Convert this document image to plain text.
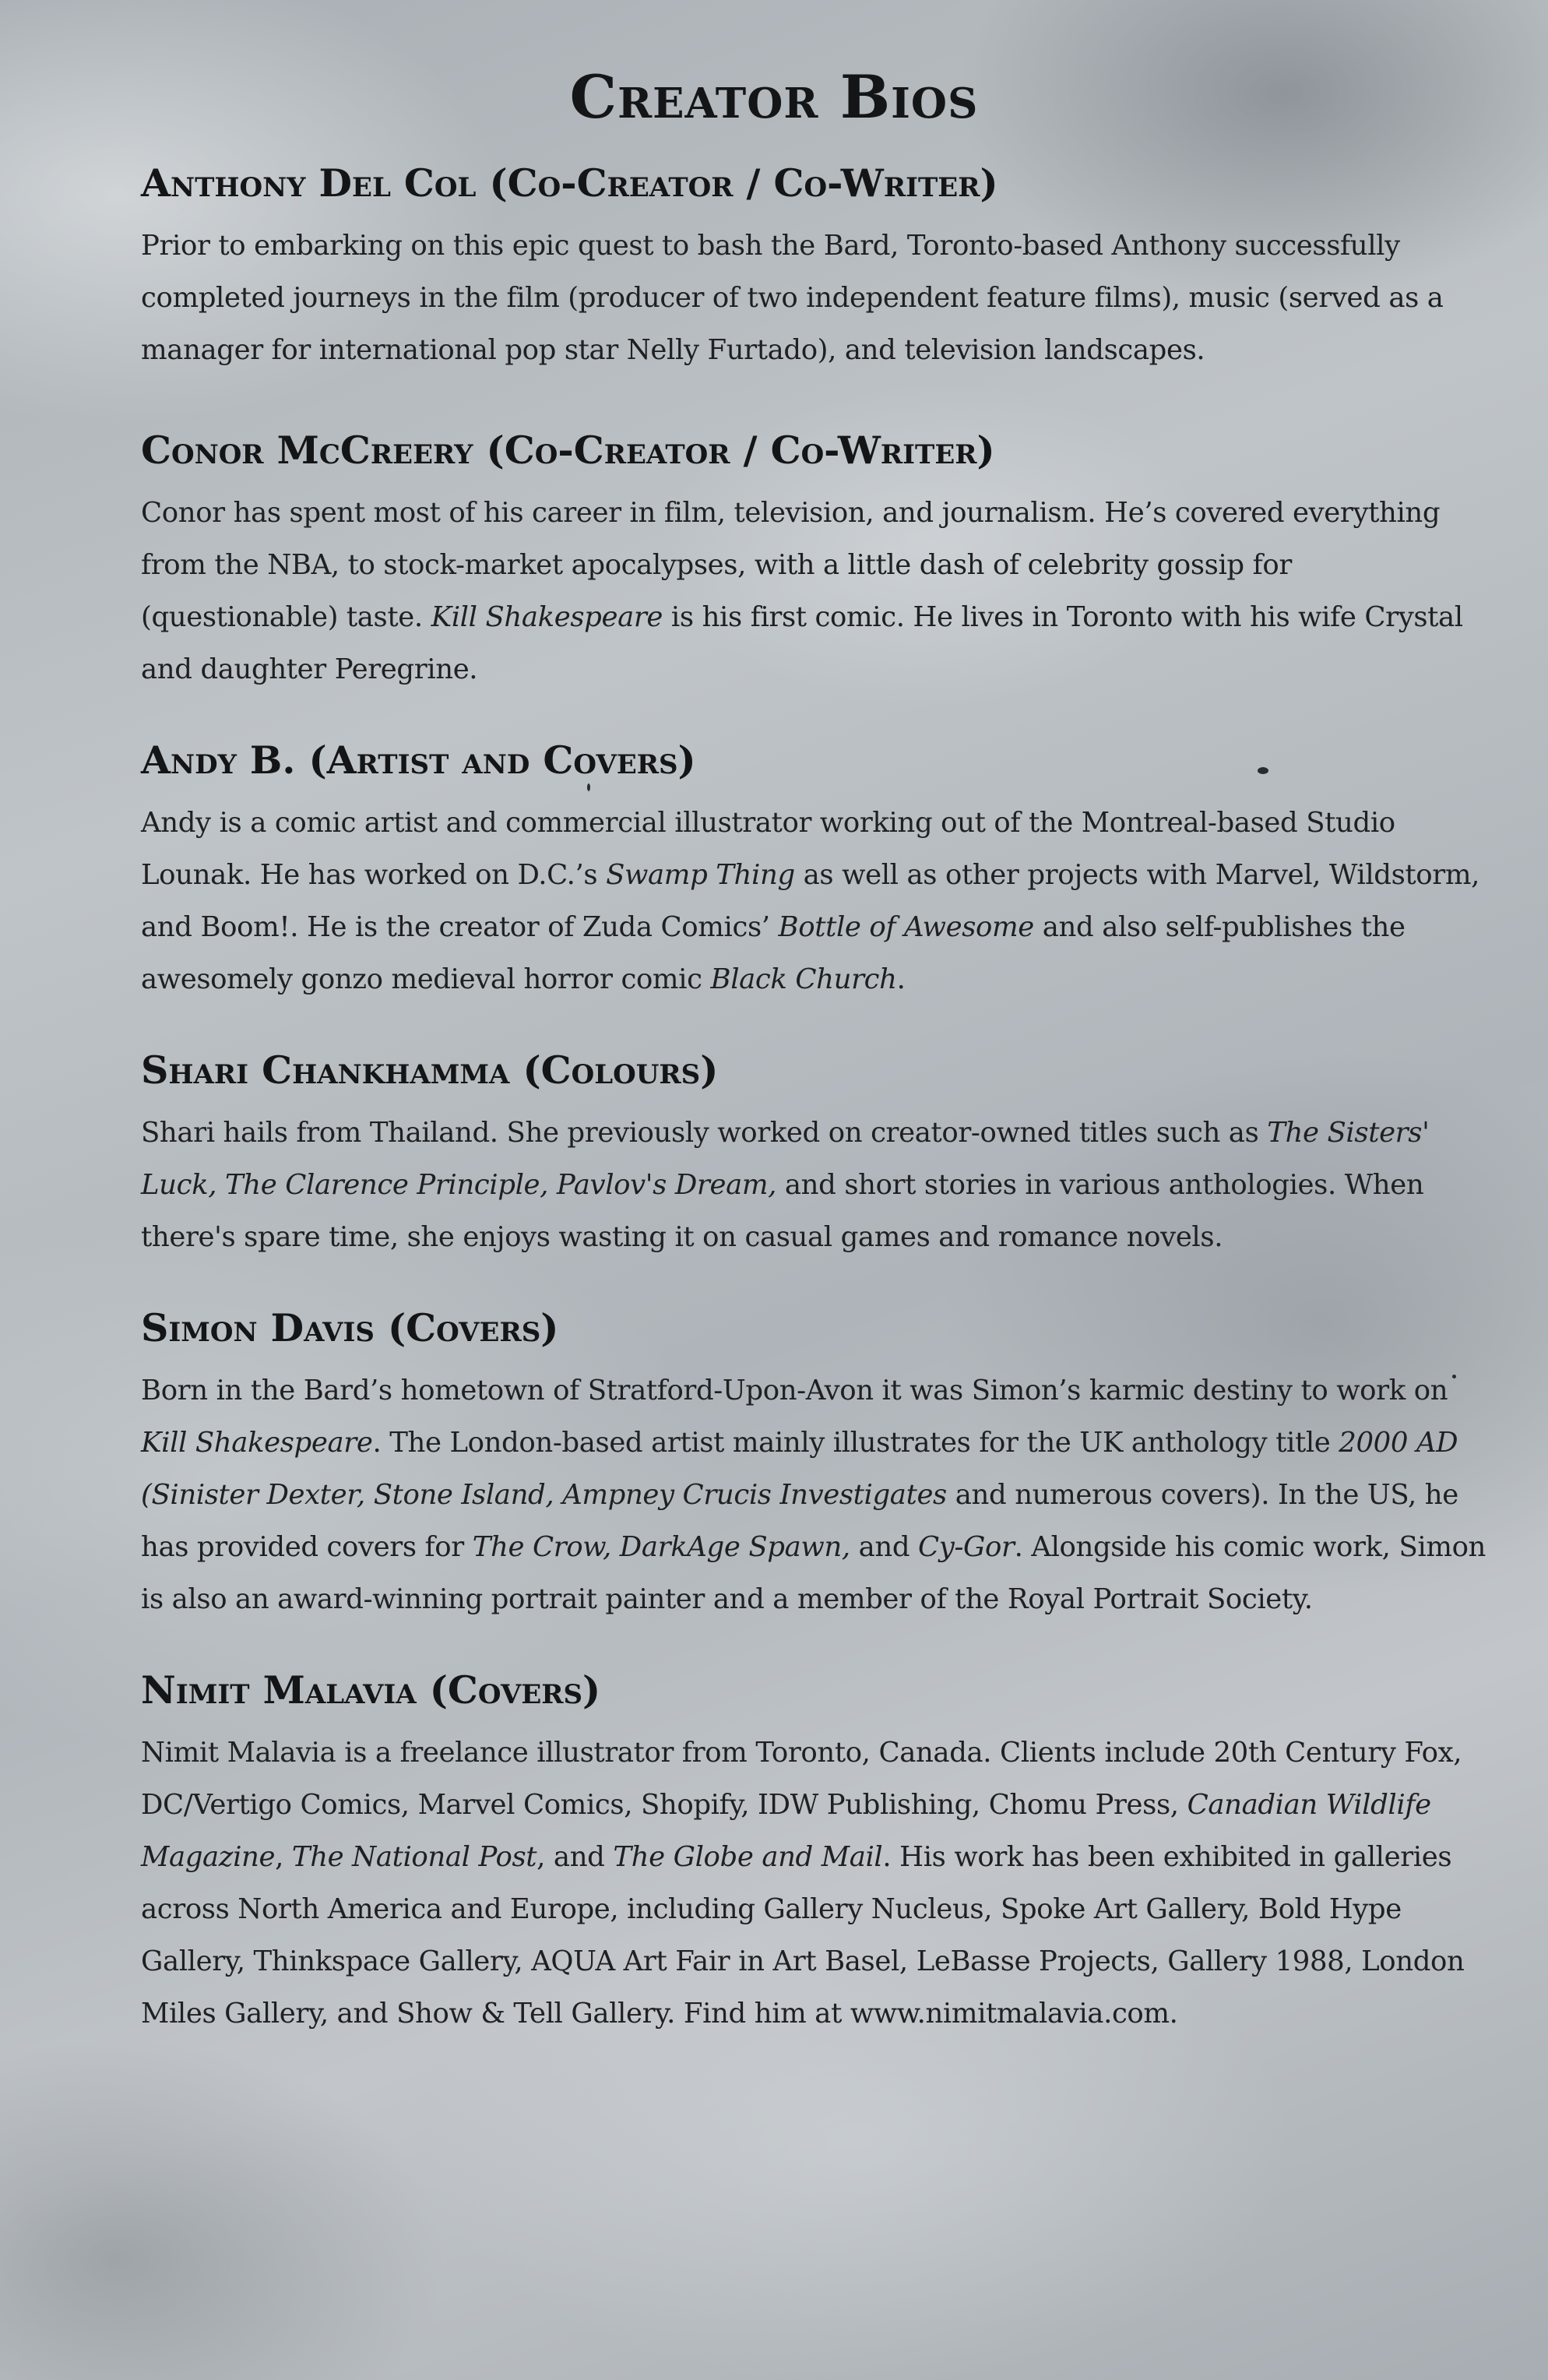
Creator Bios
Anthony Del Col (Co-Creator / Co-Writer)

Prior to embarking on this epic quest to bash the Bard, Toronto-based Anthony successfully completed journeys in the film (producer of two independent feature films), music (served as a manager for international pop star Nelly Furtado), and television landscapes.

Conor McCreery (Co-Creator / Co-Writer)

Conor has spent most of his career in film, television, and journalism. He’s covered everything from the NBA, to stock-market apocalypses, with a little dash of celebrity gossip for (questionable) taste. Kill Shakespeare is his first comic. He lives in Toronto with his wife Crystal and daughter Peregrine.

Andy B. (Artist and Covers)

Andy is a comic artist and commercial illustrator working out of the Montreal-based Studio Lounak. He has worked on D.C.’s Swamp Thing as well as other projects with Marvel, Wildstorm, and Boom!. He is the creator of Zuda Comics’ Bottle of Awesome and also self-publishes the awesomely gonzo medieval horror comic Black Church.

Shari Chankhamma (Colours)

Shari hails from Thailand. She previously worked on creator-owned titles such as The Sisters' Luck, The Clarence Principle, Pavlov's Dream, and short stories in various anthologies. When there's spare time, she enjoys wasting it on casual games and romance novels.

Simon Davis (Covers)

Born in the Bard’s hometown of Stratford-Upon-Avon it was Simon’s karmic destiny to work on Kill Shakespeare. The London-based artist mainly illustrates for the UK anthology title 2000 AD (Sinister Dexter, Stone Island, Ampney Crucis Investigates and numerous covers). In the US, he has provided covers for The Crow, DarkAge Spawn, and Cy-Gor. Alongside his comic work, Simon is also an award-winning portrait painter and a member of the Royal Portrait Society.

Nimit Malavia (Covers)

Nimit Malavia is a freelance illustrator from Toronto, Canada. Clients include 20th Century Fox, DC/Vertigo Comics, Marvel Comics, Shopify, IDW Publishing, Chomu Press, Canadian Wildlife Magazine, The National Post, and The Globe and Mail. His work has been exhibited in galleries across North America and Europe, including Gallery Nucleus, Spoke Art Gallery, Bold Hype Gallery, Thinkspace Gallery, AQUA Art Fair in Art Basel, LeBasse Projects, Gallery 1988, London Miles Gallery, and Show & Tell Gallery. Find him at www.nimitmalavia.com.
